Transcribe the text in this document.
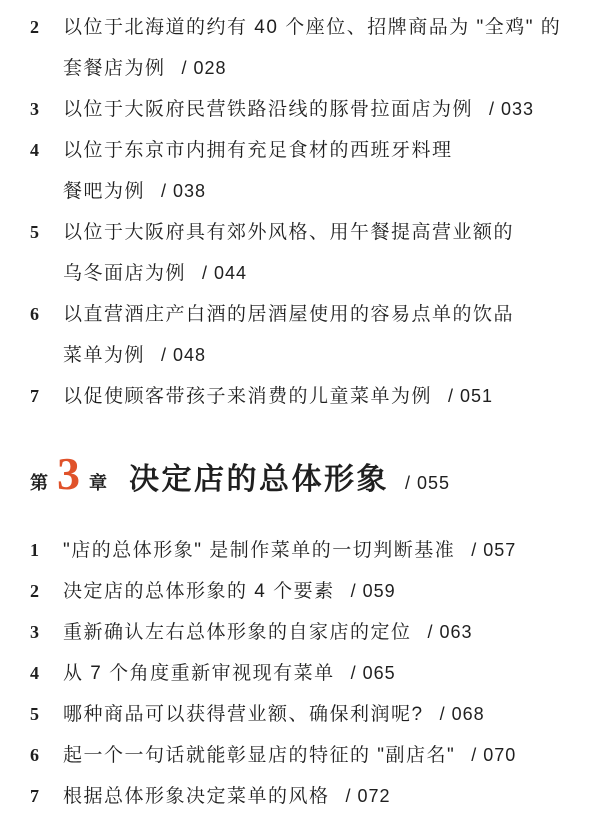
2	以位于北海道的约有 40 个座位、招牌商品为 "全鸡" 的
套餐店为例 / 028
3	以位于大阪府民营铁路沿线的豚骨拉面店为例 / 033
4	以位于东京市内拥有充足食材的西班牙料理
餐吧为例 / 038
5	以位于大阪府具有郊外风格、用午餐提高营业额的
乌冬面店为例 / 044
6	以直营酒庄产白酒的居酒屋使用的容易点单的饮品
菜单为例 / 048
7	以促使顾客带孩子来消费的儿童菜单为例 / 051
第 3 章 决定店的总体形象 / 055
1	"店的总体形象" 是制作菜单的一切判断基准 / 057
2	决定店的总体形象的 4 个要素 / 059
3	重新确认左右总体形象的自家店的定位 / 063
4	从 7 个角度重新审视现有菜单 / 065
5	哪种商品可以获得营业额、确保利润呢? / 068
6	起一个一句话就能彰显店的特征的 "副店名" / 070
7	根据总体形象决定菜单的风格 / 072
